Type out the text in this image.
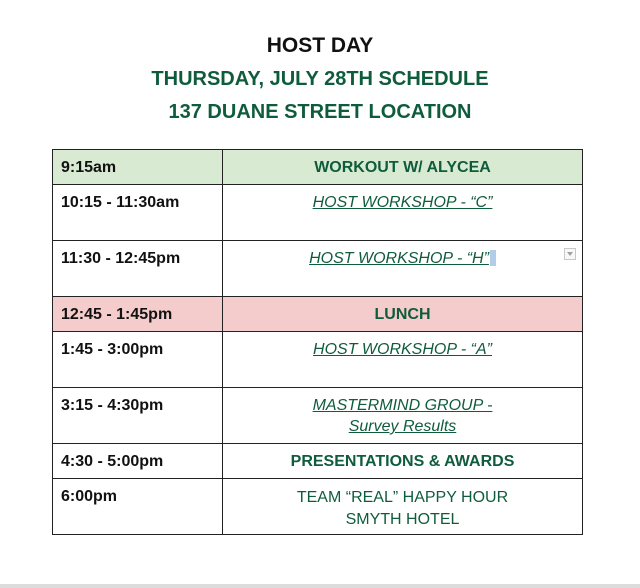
HOST DAY
THURSDAY, JULY 28TH SCHEDULE
137 DUANE STREET LOCATION
9:15am	WORKOUT W/ ALYCEA
10:15 - 11:30am	HOST WORKSHOP - “C”
11:30 - 12:45pm	HOST WORKSHOP - “H”

12:45 - 1:45pm	LUNCH
1:45 - 3:00pm	HOST WORKSHOP - “A”
3:15 - 4:30pm	MASTERMIND GROUP -
Survey Results
4:30 - 5:00pm	PRESENTATIONS & AWARDS
6:00pm	TEAM “REAL” HAPPY HOUR
SMYTH HOTEL
